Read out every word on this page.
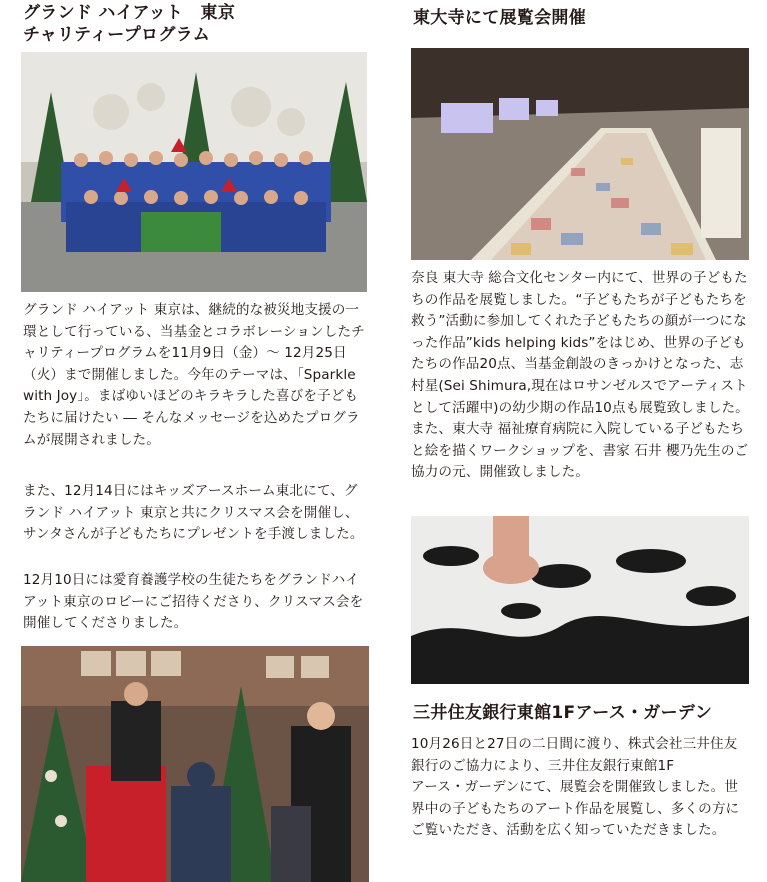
グランド ハイアット　東京
チャリティープログラム

グランド ハイアット 東京は、継続的な被災地支援の一環として行っている、当基金とコラボレーションしたチャリティープログラムを11月9日（金）〜 12月25日（火）まで開催しました。今年のテーマは、「Sparkle with Joy」。まばゆいほどのキラキラした喜びを子どもたちに届けたい ― そんなメッセージを込めたプログラムが展開されました。

また、12月14日にはキッズアースホーム東北にて、グランド ハイアット 東京と共にクリスマス会を開催し、サンタさんが子どもたちにプレゼントを手渡しました。

12月10日には愛育養護学校の生徒たちをグランドハイアット東京のロビーにご招待くださり、クリスマス会を開催してくださりました。

東大寺にて展覧会開催

奈良 東大寺 総合文化センター内にて、世界の子どもたちの作品を展覧しました。“子どもたちが子どもたちを救う”活動に参加してくれた子どもたちの顔が一つになった作品”kids helping kids”をはじめ、世界の子どもたちの作品20点、当基金創設のきっかけとなった、志村星(Sei Shimura,現在はロサンゼルスでアーティストとして活躍中)の幼少期の作品10点も展覧致しました。また、東大寺 福祉療育病院に入院している子どもたちと絵を描くワークショップを、書家 石井 櫻乃先生のご協力の元、開催致しました。

三井住友銀行東館1Fアース・ガーデン

10月26日と27日の二日間に渡り、株式会社三井住友銀行のご協力により、三井住友銀行東館1F
アース・ガーデンにて、展覧会を開催致しました。世界中の子どもたちのアート作品を展覧し、多くの方にご覧いただき、活動を広く知っていただきました。
